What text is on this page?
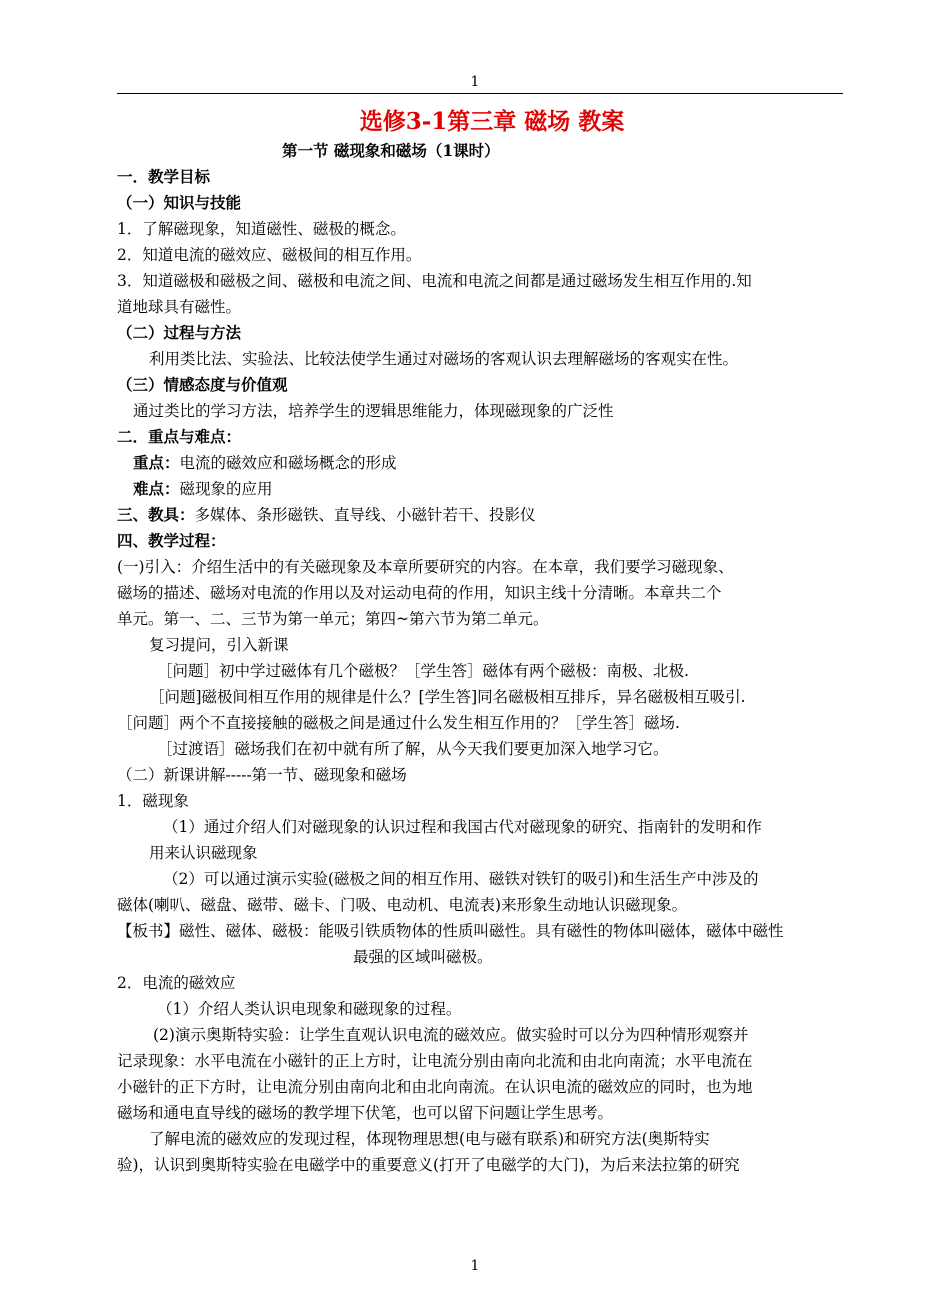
1
选修3-1第三章 磁场 教案
第一节 磁现象和磁场（1课时）
一．教学目标
（一）知识与技能
1．了解磁现象，知道磁性、磁极的概念。
2．知道电流的磁效应、磁极间的相互作用。
3．知道磁极和磁极之间、磁极和电流之间、电流和电流之间都是通过磁场发生相互作用的.知
道地球具有磁性。
（二）过程与方法
利用类比法、实验法、比较法使学生通过对磁场的客观认识去理解磁场的客观实在性。
（三）情感态度与价值观
通过类比的学习方法，培养学生的逻辑思维能力，体现磁现象的广泛性
二．重点与难点：
重点：电流的磁效应和磁场概念的形成
难点：磁现象的应用
三、教具：多媒体、条形磁铁、直导线、小磁针若干、投影仪
四、教学过程：
(一)引入：介绍生活中的有关磁现象及本章所要研究的内容。在本章，我们要学习磁现象、
磁场的描述、磁场对电流的作用以及对运动电荷的作用，知识主线十分清晰。本章共二个
单元。第一、二、三节为第一单元；第四~第六节为第二单元。
复习提问，引入新课
［问题］初中学过磁体有几个磁极？［学生答］磁体有两个磁极：南极、北极.
［问题]磁极间相互作用的规律是什么？[学生答]同名磁极相互排斥，异名磁极相互吸引.
［问题］两个不直接接触的磁极之间是通过什么发生相互作用的？［学生答］磁场.
［过渡语］磁场我们在初中就有所了解，从今天我们要更加深入地学习它。
（二）新课讲解-----第一节、磁现象和磁场
1．磁现象
（1）通过介绍人们对磁现象的认识过程和我国古代对磁现象的研究、指南针的发明和作
用来认识磁现象
（2）可以通过演示实验(磁极之间的相互作用、磁铁对铁钉的吸引)和生活生产中涉及的
磁体(喇叭、磁盘、磁带、磁卡、门吸、电动机、电流表)来形象生动地认识磁现象。
【板书】磁性、磁体、磁极：能吸引铁质物体的性质叫磁性。具有磁性的物体叫磁体，磁体中磁性
最强的区域叫磁极。
2．电流的磁效应
（1）介绍人类认识电现象和磁现象的过程。
(2)演示奥斯特实验：让学生直观认识电流的磁效应。做实验时可以分为四种情形观察并
记录现象：水平电流在小磁针的正上方时，让电流分别由南向北流和由北向南流；水平电流在
小磁针的正下方时，让电流分别由南向北和由北向南流。在认识电流的磁效应的同时，也为地
磁场和通电直导线的磁场的教学埋下伏笔，也可以留下问题让学生思考。
了解电流的磁效应的发现过程，体现物理思想(电与磁有联系)和研究方法(奥斯特实
验)，认识到奥斯特实验在电磁学中的重要意义(打开了电磁学的大门)，为后来法拉第的研究
1
